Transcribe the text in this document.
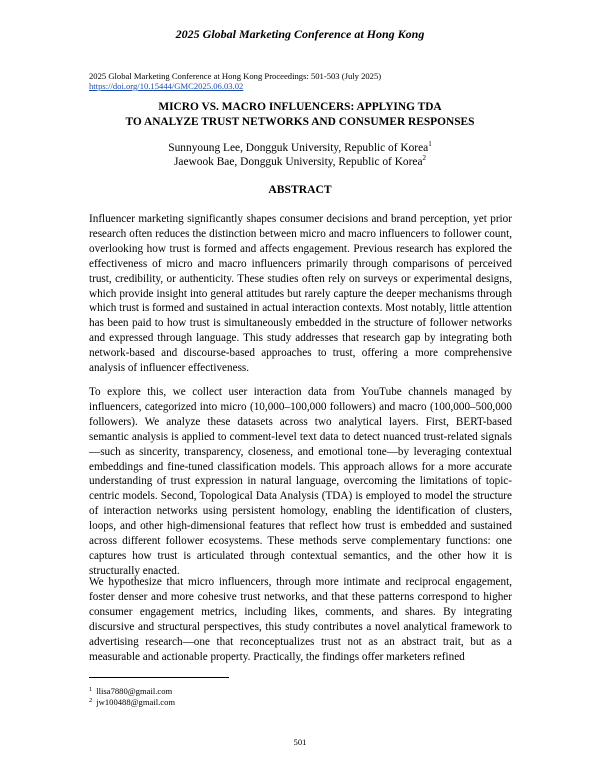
2025 Global Marketing Conference at Hong Kong
2025 Global Marketing Conference at Hong Kong Proceedings: 501-503 (July 2025)
https://doi.org/10.15444/GMC2025.06.03.02
MICRO VS. MACRO INFLUENCERS: APPLYING TDA
TO ANALYZE TRUST NETWORKS AND CONSUMER RESPONSES
Sunnyoung Lee, Dongguk University, Republic of Korea$^1$
Jaewook Bae, Dongguk University, Republic of Korea$^2$
ABSTRACT

Influencer marketing significantly shapes consumer decisions and brand perception, yet prior research often reduces the distinction between micro and macro influencers to follower count, overlooking how trust is formed and affects engagement. Previous research has explored the effectiveness of micro and macro influencers primarily through comparisons of perceived trust, credibility, or authenticity. These studies often rely on surveys or experimental designs, which provide insight into general attitudes but rarely capture the deeper mechanisms through which trust is formed and sustained in actual interaction contexts. Most notably, little attention has been paid to how trust is simultaneously embedded in the structure of follower networks and expressed through language. This study addresses that research gap by integrating both network-based and discourse-based approaches to trust, offering a more comprehensive analysis of influencer effectiveness.

To explore this, we collect user interaction data from YouTube channels managed by influencers, categorized into micro (10,000–100,000 followers) and macro (100,000–500,000 followers). We analyze these datasets across two analytical layers. First, BERT-based semantic analysis is applied to comment-level text data to detect nuanced trust-related signals—such as sincerity, transparency, closeness, and emotional tone—by leveraging contextual embeddings and fine-tuned classification models. This approach allows for a more accurate understanding of trust expression in natural language, overcoming the limitations of topic-centric models. Second, Topological Data Analysis (TDA) is employed to model the structure of interaction networks using persistent homology, enabling the identification of clusters, loops, and other high-dimensional features that reflect how trust is embedded and sustained across different follower ecosystems. These methods serve complementary functions: one captures how trust is articulated through contextual semantics, and the other how it is structurally enacted.

We hypothesize that micro influencers, through more intimate and reciprocal engagement, foster denser and more cohesive trust networks, and that these patterns correspond to higher consumer engagement metrics, including likes, comments, and shares. By integrating discursive and structural perspectives, this study contributes a novel analytical framework to advertising research—one that reconceptualizes trust not as an abstract trait, but as a measurable and actionable property. Practically, the findings offer marketers refined

$^1$ llisa7880@gmail.com
$^2$ jw100488@gmail.com
501
